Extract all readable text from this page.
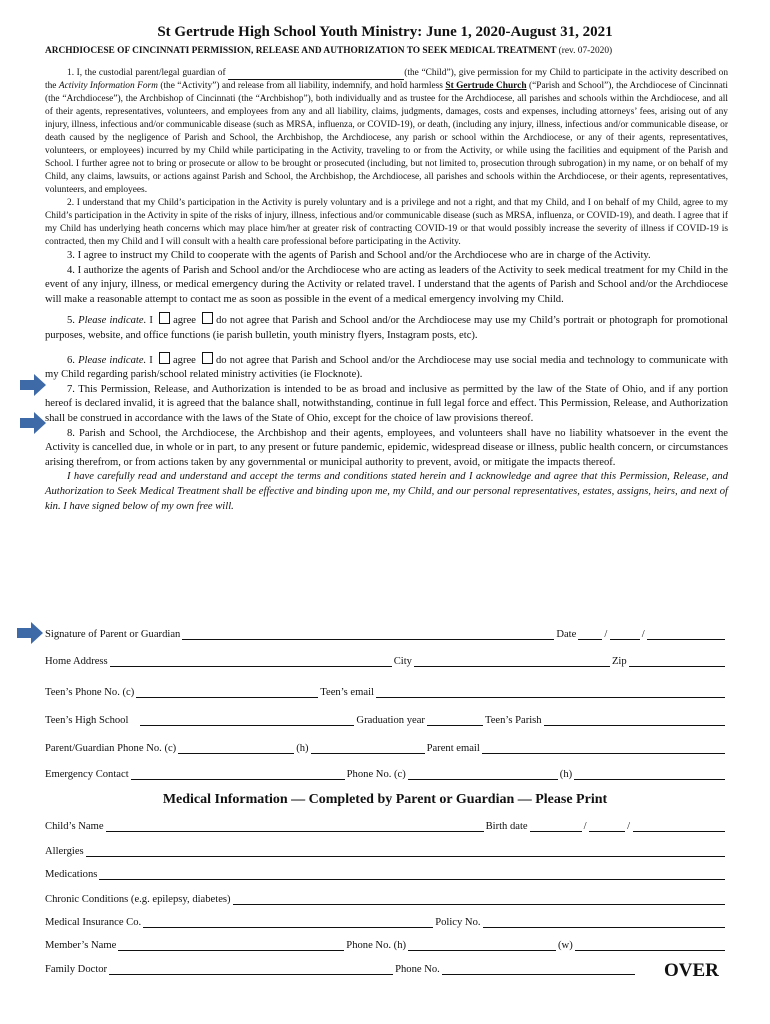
St Gertrude High School Youth Ministry: June 1, 2020-August 31, 2021
ARCHDIOCESE OF CINCINNATI PERMISSION, RELEASE AND AUTHORIZATION TO SEEK MEDICAL TREATMENT (rev. 07-2020)

1. I, the custodial parent/legal guardian of	(the “Child”), give permission for my Child to participate in the activity described on the Activity Information Form (the “Activity”) and release from all liability, indemnify, and hold harmless St Gertrude Church (“Parish and School”), the Archdiocese of Cincinnati (the “Archdiocese”), the Archbishop of Cincinnati (the “Archbishop”), both individually and as trustee for the Archdiocese, all parishes and schools within the Archdiocese, and all of their agents, representatives, volunteers, and employees from any and all liability, claims, judgments, damages, costs and expenses, including attorneys’ fees, arising out of any injury, illness, infectious and/or communicable disease (such as MRSA, influenza, or COVID-19), or death, (including any injury, illness, infectious and/or communicable disease, or death caused by the negligence of Parish and School, the Archbishop, the Archdiocese, any parish or school within the Archdiocese, or any of their agents, representatives, volunteers, or employees) incurred by my Child while participating in the Activity, traveling to or from the Activity, or while using the facilities and equipment of the Parish and School. I further agree not to bring or prosecute or allow to be brought or prosecuted (including, but not limited to, prosecution through subrogation) in my name, or on behalf of my Child, any claims, lawsuits, or actions against Parish and School, the Archbishop, the Archdiocese, all parishes and schools within the Archdiocese, or their agents, representatives, volunteers, and employees.

2. I understand that my Child’s participation in the Activity is purely voluntary and is a privilege and not a right, and that my Child, and I on behalf of my Child, agree to my Child’s participation in the Activity in spite of the risks of injury, illness, infectious and/or communicable disease (such as MRSA, influenza, or COVID-19), and death. I agree that if my Child has underlying heath concerns which may place him/her at greater risk of contracting COVID-19 or that would possibly increase the severity of illness if COVID-19 is contracted, then my Child and I will consult with a health care professional before participating in the Activity.

3. I agree to instruct my Child to cooperate with the agents of Parish and School and/or the Archdiocese who are in charge of the Activity.

4. I authorize the agents of Parish and School and/or the Archdiocese who are acting as leaders of the Activity to seek medical treatment for my Child in the event of any injury, illness, or medical emergency during the Activity or related travel. I understand that the agents of Parish and School and/or the Archdiocese will make a reasonable attempt to contact me as soon as possible in the event of a medical emergency involving my Child.

5. Please indicate. I agree do not agree that Parish and School and/or the Archdiocese may use my Child’s portrait or photograph for promotional purposes, website, and office functions (ie parish bulletin, youth ministry flyers, Instagram posts, etc).

6. Please indicate. I agree do not agree that Parish and School and/or the Archdiocese may use social media and technology to communicate with my Child regarding parish/school related ministry activities (ie Flocknote).

7. This Permission, Release, and Authorization is intended to be as broad and inclusive as permitted by the law of the State of Ohio, and if any portion hereof is declared invalid, it is agreed that the balance shall, notwithstanding, continue in full legal force and effect. This Permission, Release, and Authorization shall be construed in accordance with the laws of the State of Ohio, except for the choice of law provisions thereof.

8. Parish and School, the Archdiocese, the Archbishop and their agents, employees, and volunteers shall have no liability whatsoever in the event the Activity is cancelled due, in whole or in part, to any present or future pandemic, epidemic, widespread disease or illness, public health concern, or circumstances arising therefrom, or from actions taken by any governmental or municipal authority to prevent, avoid, or mitigate the impacts thereof.

I have carefully read and understand and accept the terms and conditions stated herein and I acknowledge and agree that this Permission, Release, and Authorization to Seek Medical Treatment shall be effective and binding upon me, my Child, and our personal representatives, estates, assigns, heirs, and next of kin. I have signed below of my own free will.

Signature of Parent or Guardian	Date	/	/
Home Address	City	Zip
Teen’s Phone No. (c)	Teen’s email
Teen’s High School	Graduation year	Teen’s Parish
Parent/Guardian Phone No. (c)	(h)	Parent email
Emergency Contact	Phone No. (c)	(h)
Medical Information — Completed by Parent or Guardian — Please Print
Child’s Name	Birth date	/	/
Allergies
Medications
Chronic Conditions (e.g. epilepsy, diabetes)
Medical Insurance Co.	Policy No.
Member’s Name	Phone No. (h)	(w)
Family Doctor	Phone No.	OVER
